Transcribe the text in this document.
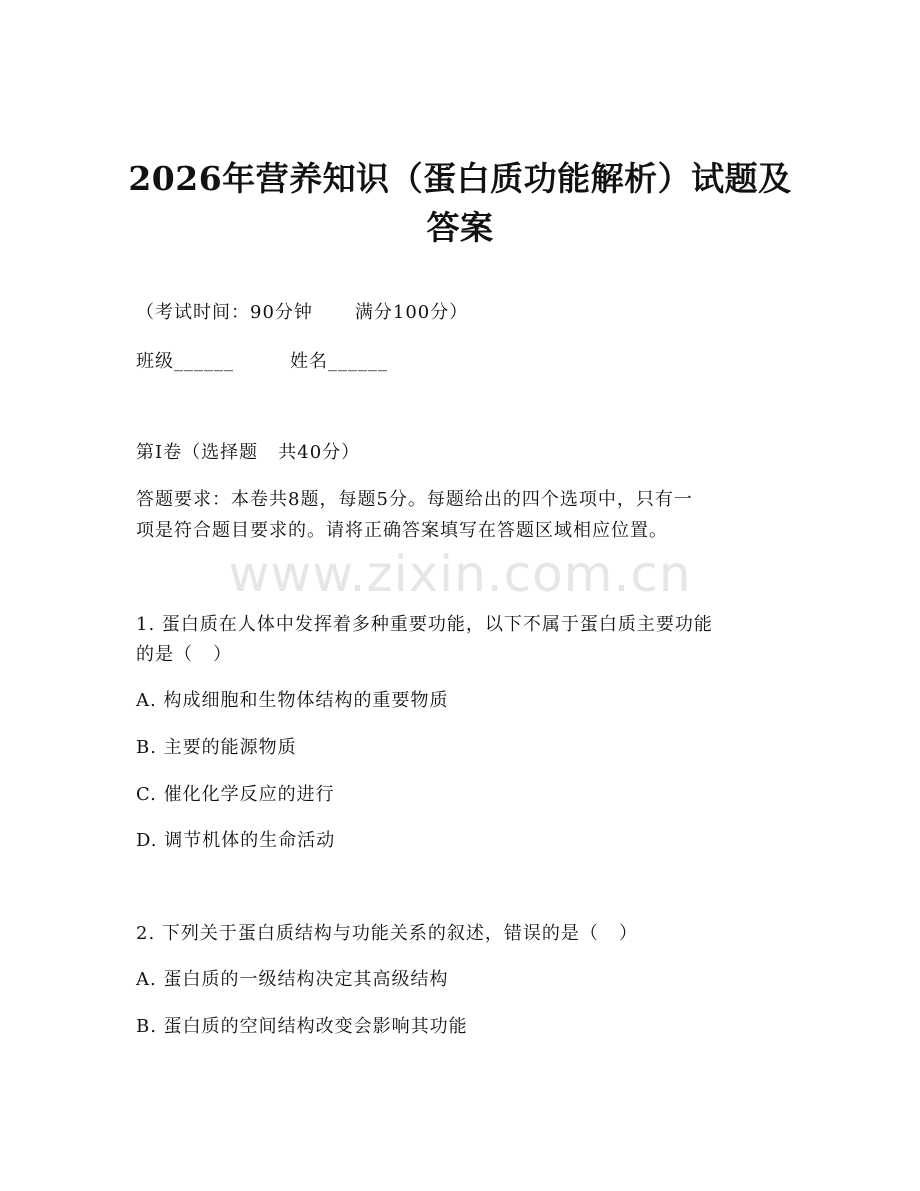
2026年营养知识（蛋白质功能解析）试题及
答案
（考试时间：90分钟 满分100分）
班级______	姓名______
第I卷（选择题   共40分）
答题要求：本卷共8题，每题5分。每题给出的四个选项中，只有一
项是符合题目要求的。请将正确答案填写在答题区域相应位置。
www.zixin.com.cn
1. 蛋白质在人体中发挥着多种重要功能，以下不属于蛋白质主要功能
的是（   ）
A. 构成细胞和生物体结构的重要物质
B. 主要的能源物质
C. 催化化学反应的进行
D. 调节机体的生命活动
2. 下列关于蛋白质结构与功能关系的叙述，错误的是（   ）
A. 蛋白质的一级结构决定其高级结构
B. 蛋白质的空间结构改变会影响其功能
